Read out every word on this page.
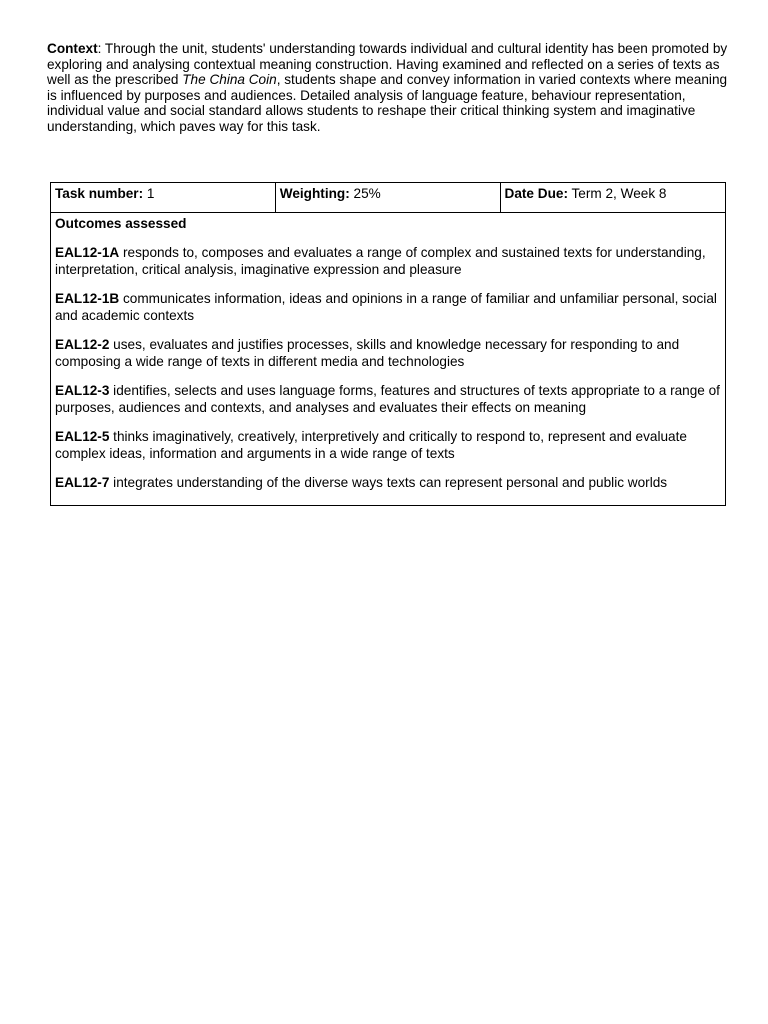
Context: Through the unit, students' understanding towards individual and cultural identity has been promoted by exploring and analysing contextual meaning construction. Having examined and reflected on a series of texts as well as the prescribed The China Coin, students shape and convey information in varied contexts where meaning is influenced by purposes and audiences. Detailed analysis of language feature, behaviour representation, individual value and social standard allows students to reshape their critical thinking system and imaginative understanding, which paves way for this task.

Task number: 1	Weighting: 25%	Date Due: Term 2, Week 8

Outcomes assessed

EAL12-1A responds to, composes and evaluates a range of complex and sustained texts for understanding, interpretation, critical analysis, imaginative expression and pleasure

EAL12-1B communicates information, ideas and opinions in a range of familiar and unfamiliar personal, social and academic contexts

EAL12-2 uses, evaluates and justifies processes, skills and knowledge necessary for responding to and composing a wide range of texts in different media and technologies

EAL12-3 identifies, selects and uses language forms, features and structures of texts appropriate to a range of purposes, audiences and contexts, and analyses and evaluates their effects on meaning

EAL12-5 thinks imaginatively, creatively, interpretively and critically to respond to, represent and evaluate complex ideas, information and arguments in a wide range of texts

EAL12-7 integrates understanding of the diverse ways texts can represent personal and public worlds
